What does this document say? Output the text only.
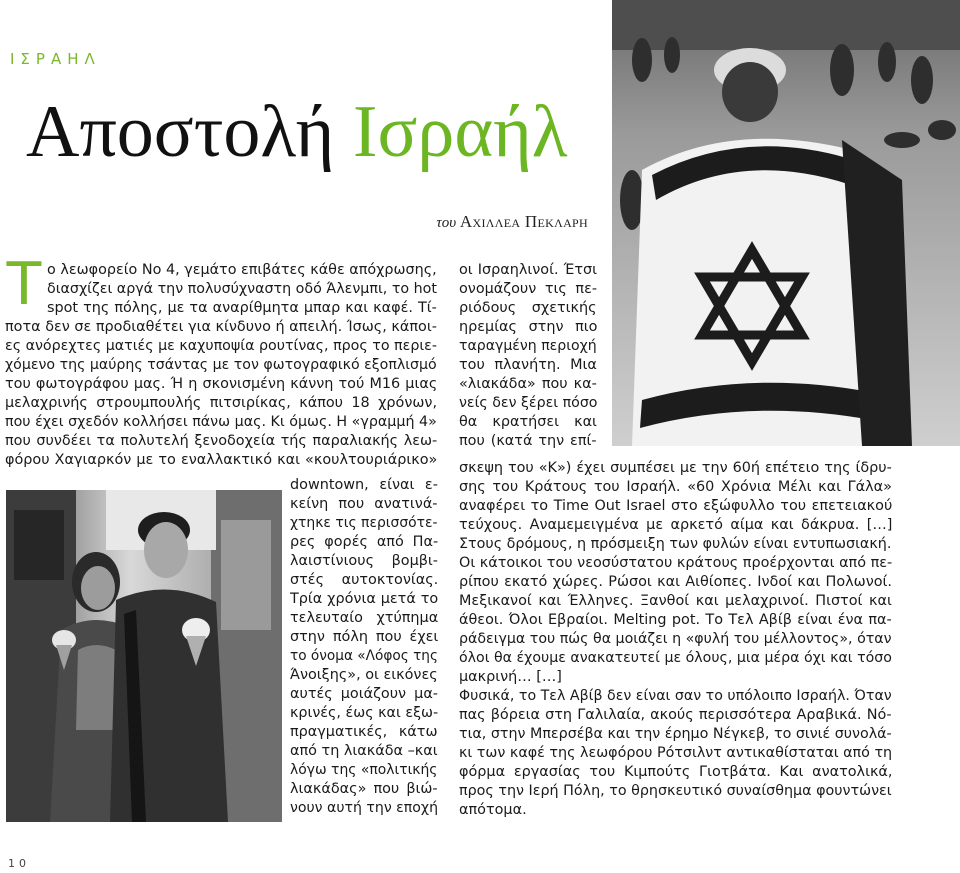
ΙΣΡΑΗΛ
Αποστολή Ισραήλ
του Αχιλλεα Πεκλαρη
Τ ο λεωφορείο Νο 4, γεμάτο επιβάτες κάθε απόχρωσης,
διασχίζει αργά την πολυσύχναστη οδό Άλενμπι, το hot
spot της πόλης, με τα αναρίθμητα μπαρ και καφέ. Τί-
ποτα δεν σε προδιαθέτει για κίνδυνο ή απειλή. Ίσως, κάποι-
ες ανόρεχτες ματιές με καχυποψία ρουτίνας, προς το περιε-
χόμενο της μαύρης τσάντας με τον φωτογραφικό εξοπλισμό
του φωτογράφου μας. Ή η σκονισμένη κάννη τού Μ16 μιας
μελαχρινής στρουμπουλής πιτσιρίκας, κάπου 18 χρόνων,
που έχει σχεδόν κολλήσει πάνω μας. Κι όμως. Η «γραμμή 4»
που συνδέει τα πολυτελή ξενοδοχεία τής παραλιακής λεω-
φόρου Χαγιαρκόν με το εναλλακτικό και «κουλτουριάρικο»
downtown, είναι ε-
κείνη που ανατινά-
χτηκε τις περισσότε-
ρες φορές από Πα-
λαιστίνιους βομβι-
στές αυτοκτονίας.
Τρία χρόνια μετά το
τελευταίο χτύπημα
στην πόλη που έχει
το όνομα «Λόφος της
Άνοιξης», οι εικόνες
αυτές μοιάζουν μα-
κρινές, έως και εξω-
πραγματικές, κάτω
από τη λιακάδα –και
λόγω της «πολιτικής
λιακάδας» που βιώ-
νουν αυτή την εποχή
οι Ισραηλινοί. Έτσι
ονομάζουν τις πε-
ριόδους σχετικής
ηρεμίας στην πιο
ταραγμένη περιοχή
του πλανήτη. Μια
«λιακάδα» που κα-
νείς δεν ξέρει πόσο
θα κρατήσει και
που (κατά την επί-
σκεψη του «Κ») έχει συμπέσει με την 60ή επέτειο της ίδρυ-
σης του Κράτους του Ισραήλ. «60 Χρόνια Μέλι και Γάλα»
αναφέρει το Time Out Israel στο εξώφυλλο του επετειακού
τεύχους. Αναμεμειγμένα με αρκετό αίμα και δάκρυα. […]
Στους δρόμους, η πρόσμειξη των φυλών είναι εντυπωσιακή.
Οι κάτοικοι του νεοσύστατου κράτους προέρχονται από πε-
ρίπου εκατό χώρες. Ρώσοι και Αιθίοπες. Ινδοί και Πολωνοί.
Μεξικανοί και Έλληνες. Ξανθοί και μελαχρινοί. Πιστοί και
άθεοι. Όλοι Εβραίοι. Melting pot. Το Τελ Αβίβ είναι ένα πα-
ράδειγμα του πώς θα μοιάζει η «φυλή του μέλλοντος», όταν
όλοι θα έχουμε ανακατευτεί με όλους, μια μέρα όχι και τόσο
μακρινή… […]
Φυσικά, το Τελ Αβίβ δεν είναι σαν το υπόλοιπο Ισραήλ. Όταν
πας βόρεια στη Γαλιλαία, ακούς περισσότερα Αραβικά. Νό-
τια, στην Μπερσέβα και την έρημο Νέγκεβ, το σινιέ συνολά-
κι των καφέ της λεωφόρου Ρότσιλντ αντικαθίσταται από τη
φόρμα εργασίας του Κιμπούτς Γιοτβάτα. Και ανατολικά,
προς την Ιερή Πόλη, το θρησκευτικό συναίσθημα φουντώνει
απότομα.
10
